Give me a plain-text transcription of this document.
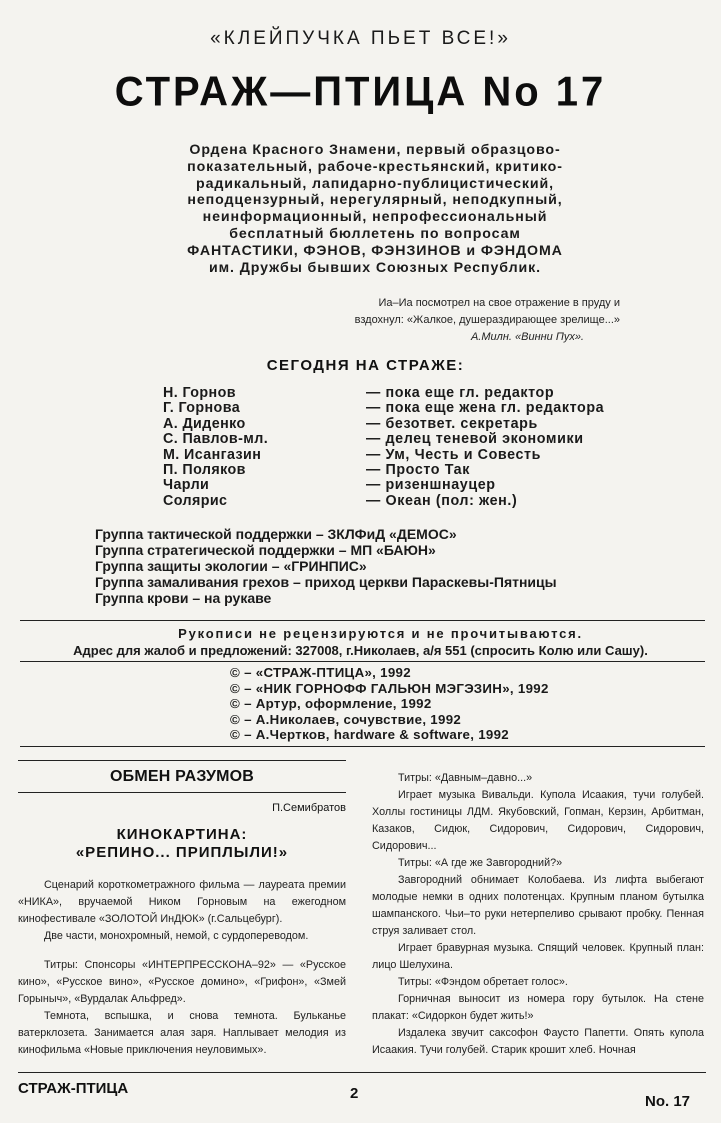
«КЛЕЙПУЧКА ПЬЕТ ВСЕ!»
СТРАЖ—ПТИЦА No 17
Ордена Красного Знамени, первый образцово-
показательный, рабоче-крестьянский, критико-
радикальный, лапидарно-публицистический,
неподцензурный, нерегулярный, неподкупный,
неинформационный, непрофессиональный
бесплатный бюллетень по вопросам
ФАНТАСТИКИ, ФЭНОВ, ФЭНЗИНОВ и ФЭНДОМА
им. Дружбы бывших Союзных Республик.
Иа–Иа посмотрел на свое отражение в пруду и
вздохнул: «Жалкое, душераздирающее зрелище...»
А.Милн. «Винни Пух».
СЕГОДНЯ НА СТРАЖЕ:
Н. Горнов	— пока еще гл. редактор
Г. Горнова	— пока еще жена гл. редактора
А. Диденко	— безответ. секретарь
С. Павлов-мл.	— делец теневой экономики
М. Исангазин	— Ум, Честь и Совесть
П. Поляков	— Просто Так
Чарли	— ризеншнауцер
Солярис	— Океан (пол: жен.)
Группа тактической поддержки – ЗКЛФиД «ДЕМОС»
Группа стратегической поддержки – МП «БАЮН»
Группа защиты экологии – «ГРИНПИС»
Группа замаливания грехов – приход церкви Параскевы-Пятницы
Группа крови – на рукаве
Рукописи не рецензируются и не прочитываются.
Адрес для жалоб и предложений: 327008, г.Николаев, а/я 551 (спросить Колю или Сашу).
© – «СТРАЖ-ПТИЦА», 1992
© – «НИК ГОРНОФФ ГАЛЬЮН МЭГЭЗИН», 1992
© – Артур, оформление, 1992
© – А.Николаев, сочувствие, 1992
© – А.Чертков, hardware & software, 1992
ОБМЕН РАЗУМОВ
П.Семибратов
КИНОКАРТИНА:
«РЕПИНО... ПРИПЛЫЛИ!»

Сценарий короткометражного фильма — лауреата премии «НИКА», вручаемой Ником Горновым на ежегодном кинофестивале «ЗОЛОТОЙ ИнДЮК» (г.Сальцебург).

Две части, монохромный, немой, с сурдопереводом.

Титры: Спонсоры «ИНТЕРПРЕССКОНА–92» — «Русское кино», «Русское вино», «Русское домино», «Грифон», «Змей Горыныч», «Вурдалак Альфред».

Темнота, вспышка, и снова темнота. Бульканье ватерклозета. Занимается алая заря. Наплывает мелодия из кинофильма «Новые приключения неуловимых».

Титры: «Давным–давно...»

Играет музыка Вивальди. Купола Исаакия, тучи голубей. Холлы гостиницы ЛДМ. Якубовский, Гопман, Керзин, Арбитман, Казаков, Сидюк, Сидорович, Сидорович, Сидорович, Сидорович...

Титры: «А где же Завгородний?»

Завгородний обнимает Колобаева. Из лифта выбегают молодые немки в одних полотенцах. Крупным планом бутылка шампанского. Чьи–то руки нетерпеливо срывают пробку. Пенная струя заливает стол.

Играет бравурная музыка. Спящий человек. Крупный план: лицо Шелухина.

Титры: «Фэндом обретает голос».

Горничная выносит из номера гору бутылок. На стене плакат: «Сидоркон будет жить!»

Издалека звучит саксофон Фаусто Папетти. Опять купола Исаакия. Тучи голубей. Старик крошит хлеб. Ночная

СТРАЖ-ПТИЦА	2	No. 17
